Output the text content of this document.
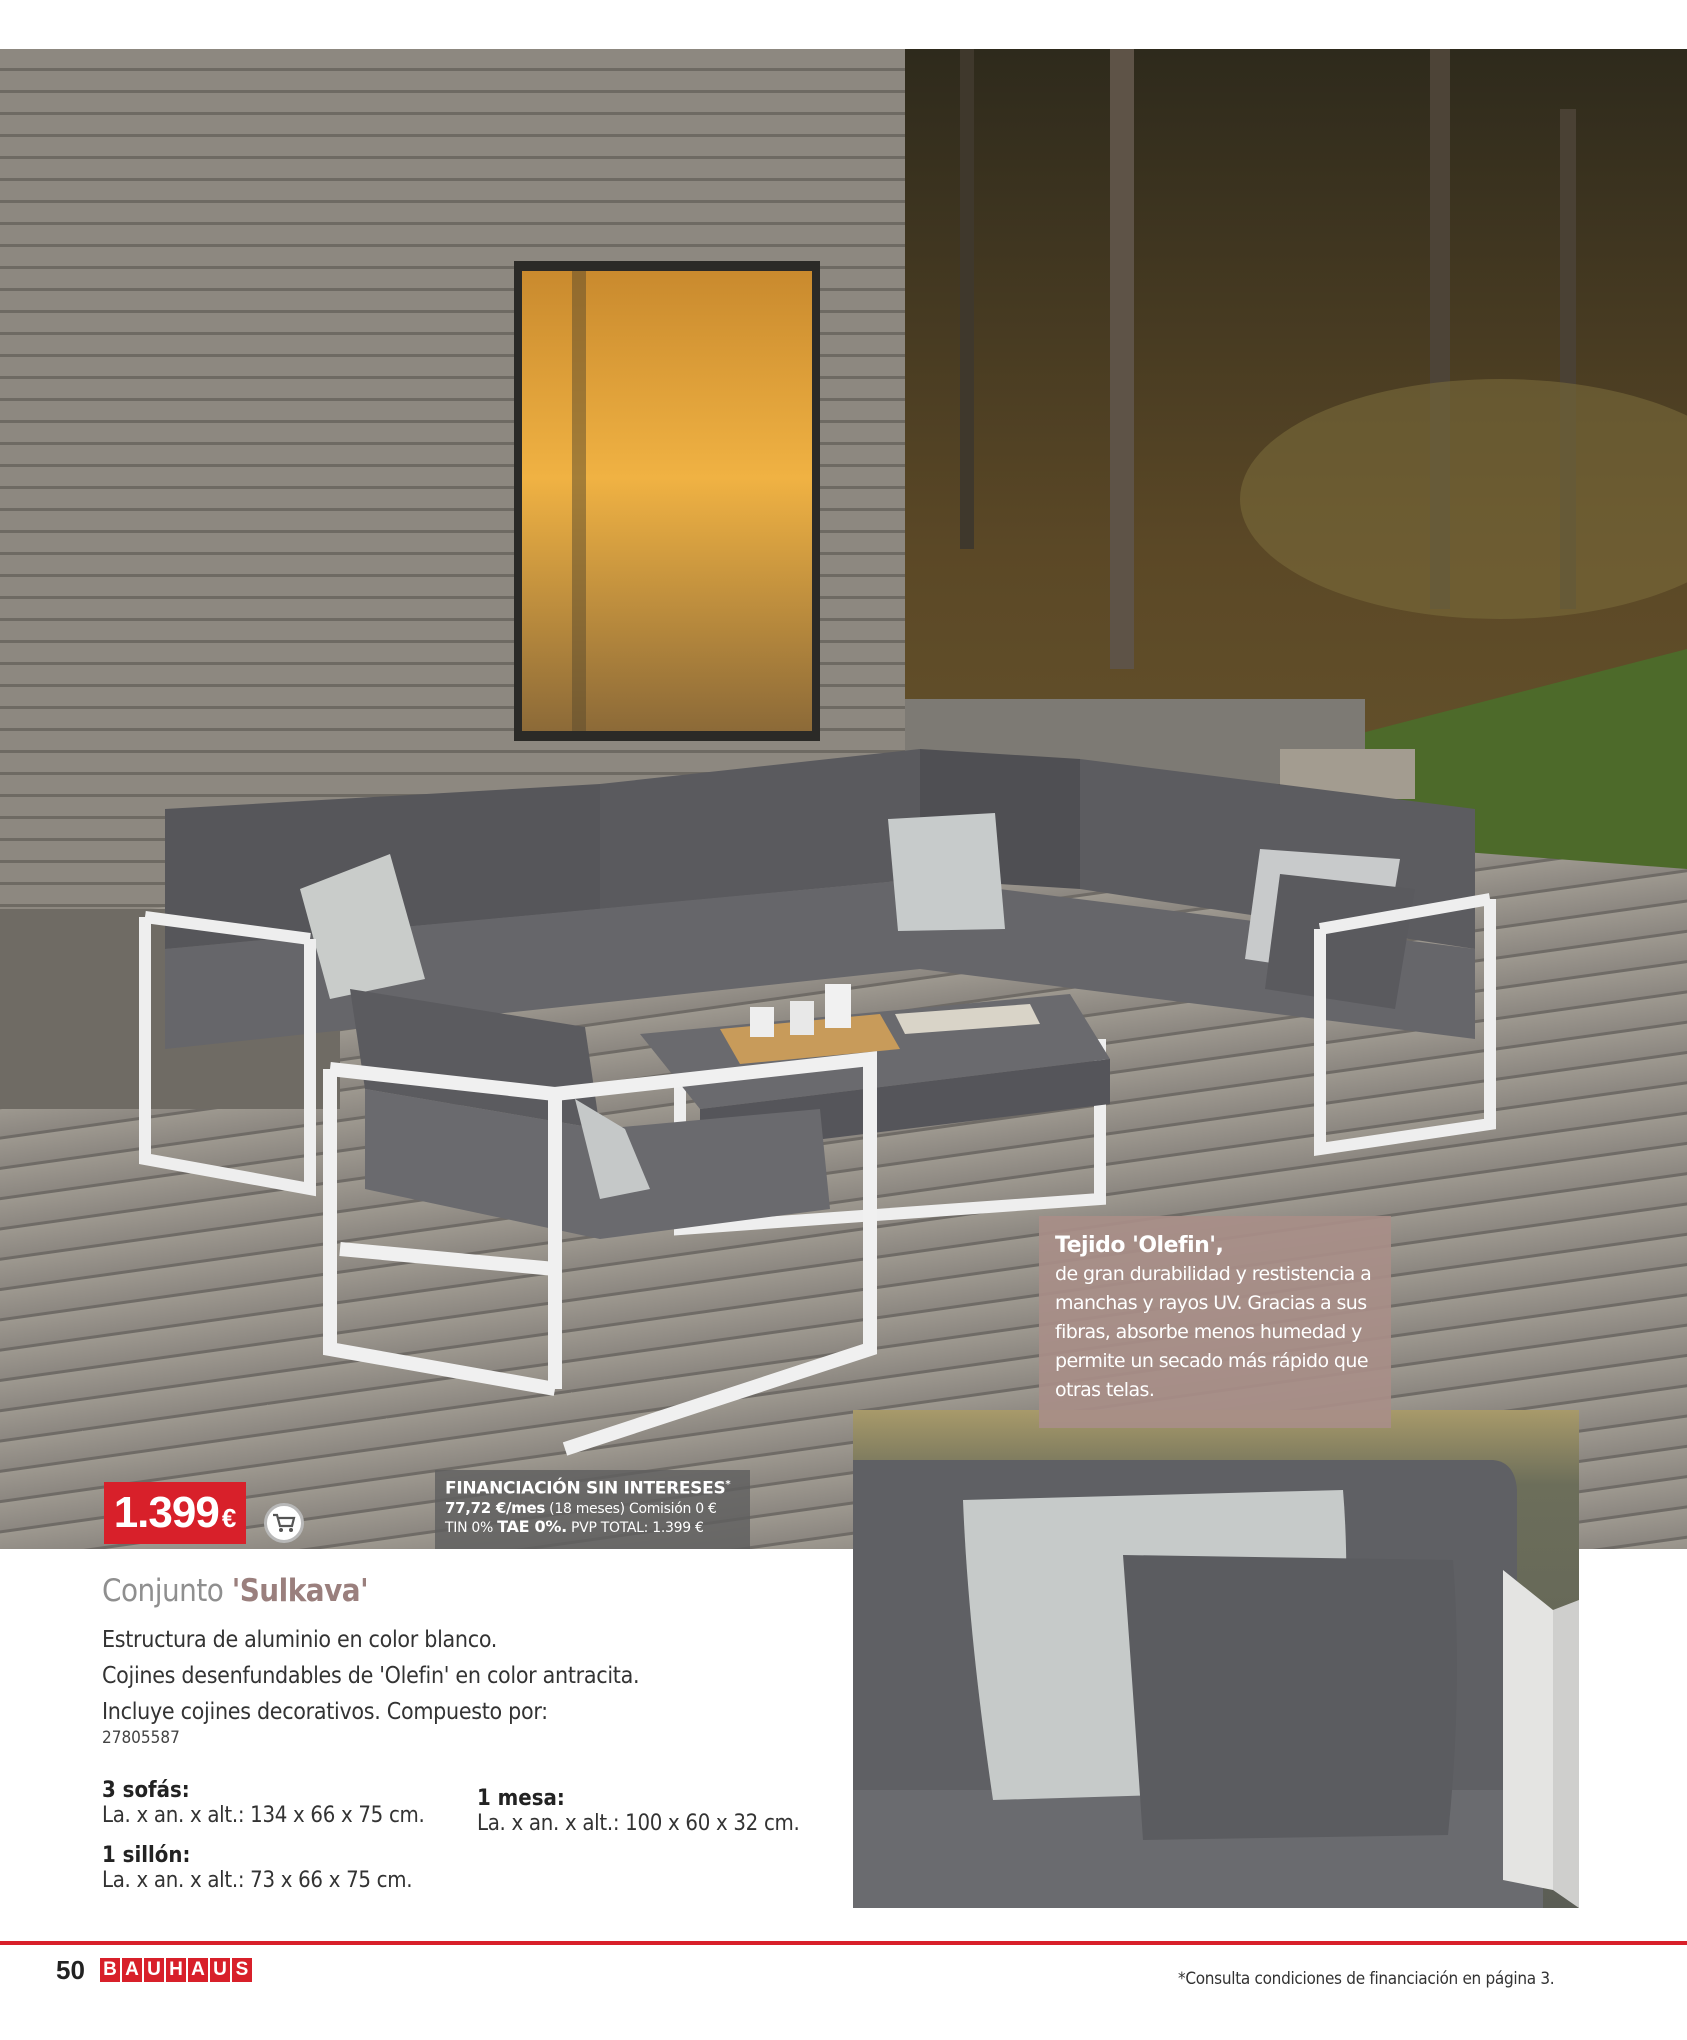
1.399 €
FINANCIACIÓN SIN INTERESES*
77,72 €/mes (18 meses) Comisión 0 €
TIN 0% TAE 0%. PVP TOTAL: 1.399 €
Tejido 'Olefin',
de gran durabilidad y restistencia a
manchas y rayos UV. Gracias a sus
fibras, absorbe menos humedad y
permite un secado más rápido que
otras telas.
Conjunto 'Sulkava'
Estructura de aluminio en color blanco.
Cojines desenfundables de 'Olefin' en color antracita.
Incluye cojines decorativos. Compuesto por:
27805587
3 sofás:
La. x an. x alt.: 134 x 66 x 75 cm.
1 sillón:
La. x an. x alt.: 73 x 66 x 75 cm.
1 mesa:
La. x an. x alt.: 100 x 60 x 32 cm.
50 B A U H A U S	*Consulta condiciones de financiación en página 3.
